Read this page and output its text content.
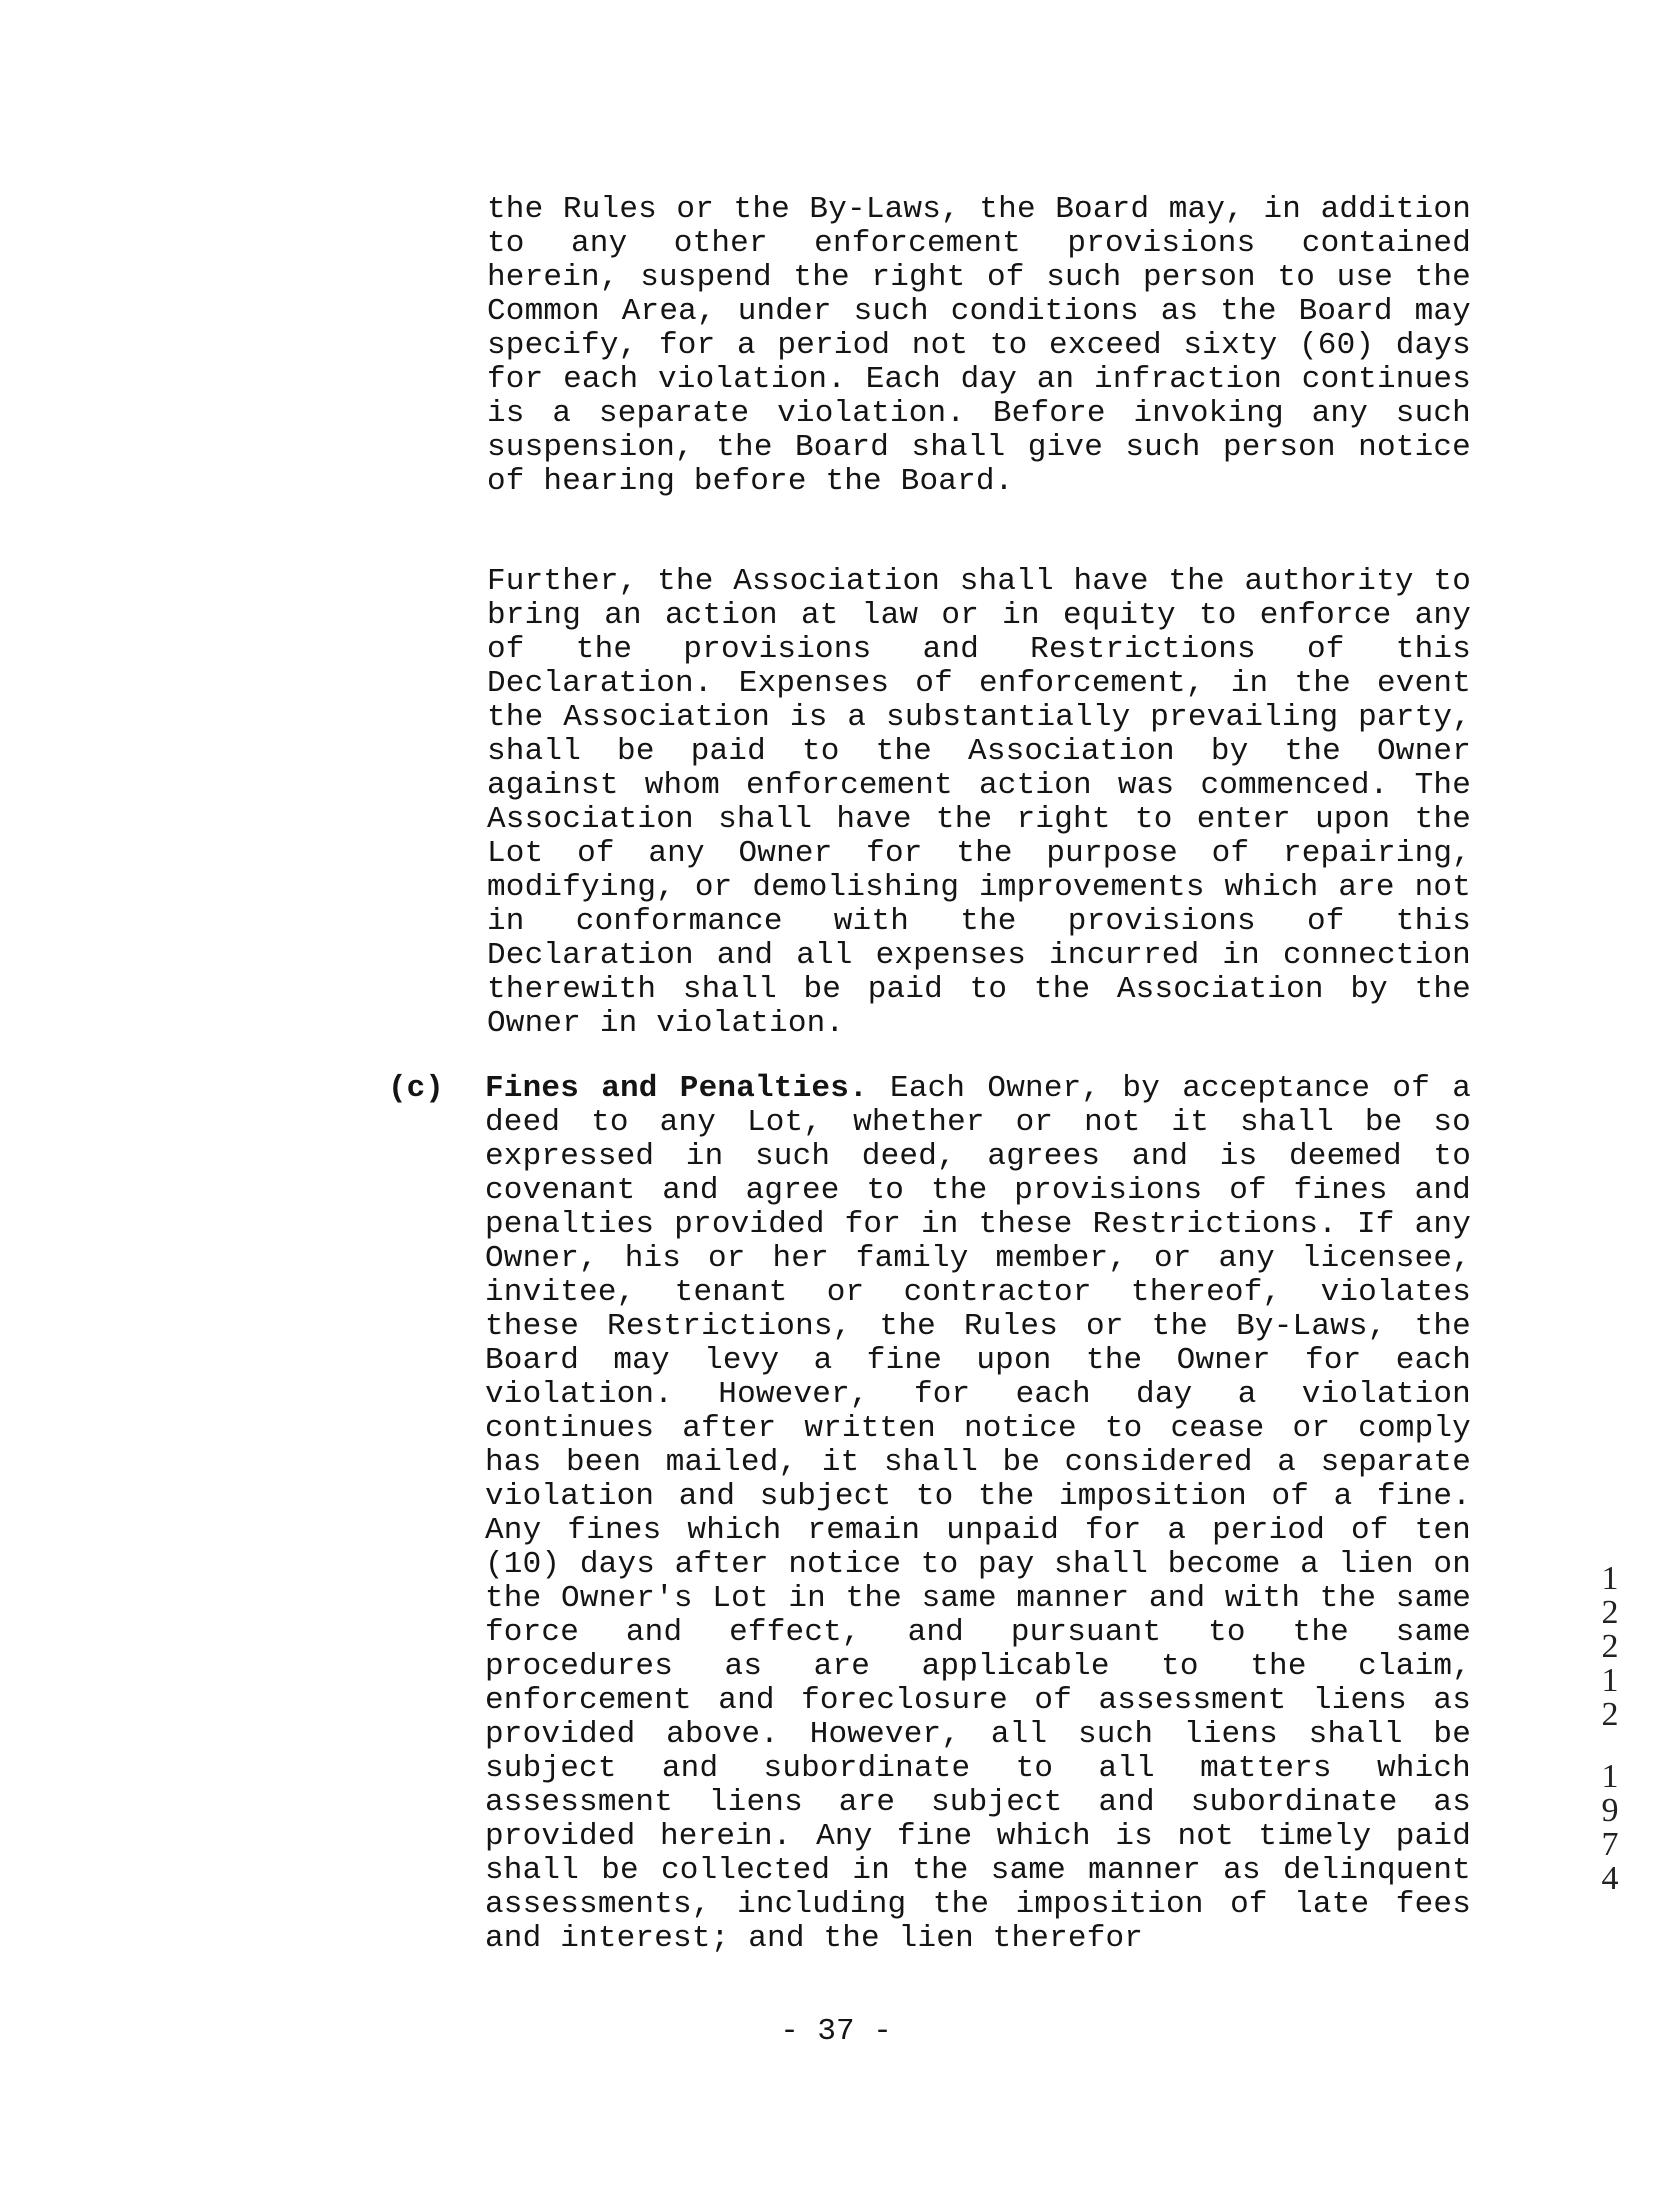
the Rules or the By-Laws, the Board may, in addition to any other enforcement provisions contained herein, suspend the right of such person to use the Common Area, under such conditions as the Board may specify, for a period not to exceed sixty (60) days for each violation. Each day an infraction continues is a separate violation. Before invoking any such suspension, the Board shall give such person notice of hearing before the Board.

Further, the Association shall have the authority to bring an action at law or in equity to enforce any of the provisions and Restrictions of this Declaration. Expenses of enforcement, in the event the Association is a substantially prevailing party, shall be paid to the Association by the Owner against whom enforcement action was commenced. The Association shall have the right to enter upon the Lot of any Owner for the purpose of repairing, modifying, or demolishing improvements which are not in conformance with the provisions of this Declaration and all expenses incurred in connection therewith shall be paid to the Association by the Owner in violation.

(c) Fines and Penalties. Each Owner, by acceptance of a deed to any Lot, whether or not it shall be so expressed in such deed, agrees and is deemed to covenant and agree to the provisions of fines and penalties provided for in these Restrictions. If any Owner, his or her family member, or any licensee, invitee, tenant or contractor thereof, violates these Restrictions, the Rules or the By-Laws, the Board may levy a fine upon the Owner for each violation. However, for each day a violation continues after written notice to cease or comply has been mailed, it shall be considered a separate violation and subject to the imposition of a fine. Any fines which remain unpaid for a period of ten (10) days after notice to pay shall become a lien on the Owner's Lot in the same manner and with the same force and effect, and pursuant to the same procedures as are applicable to the claim, enforcement and foreclosure of assessment liens as provided above. However, all such liens shall be subject and subordinate to all matters which assessment liens are subject and subordinate as provided herein. Any fine which is not timely paid shall be collected in the same manner as delinquent assessments, including the imposition of late fees and interest; and the lien therefor

1
2
2
1
2
1
9
7
4
- 37 -
